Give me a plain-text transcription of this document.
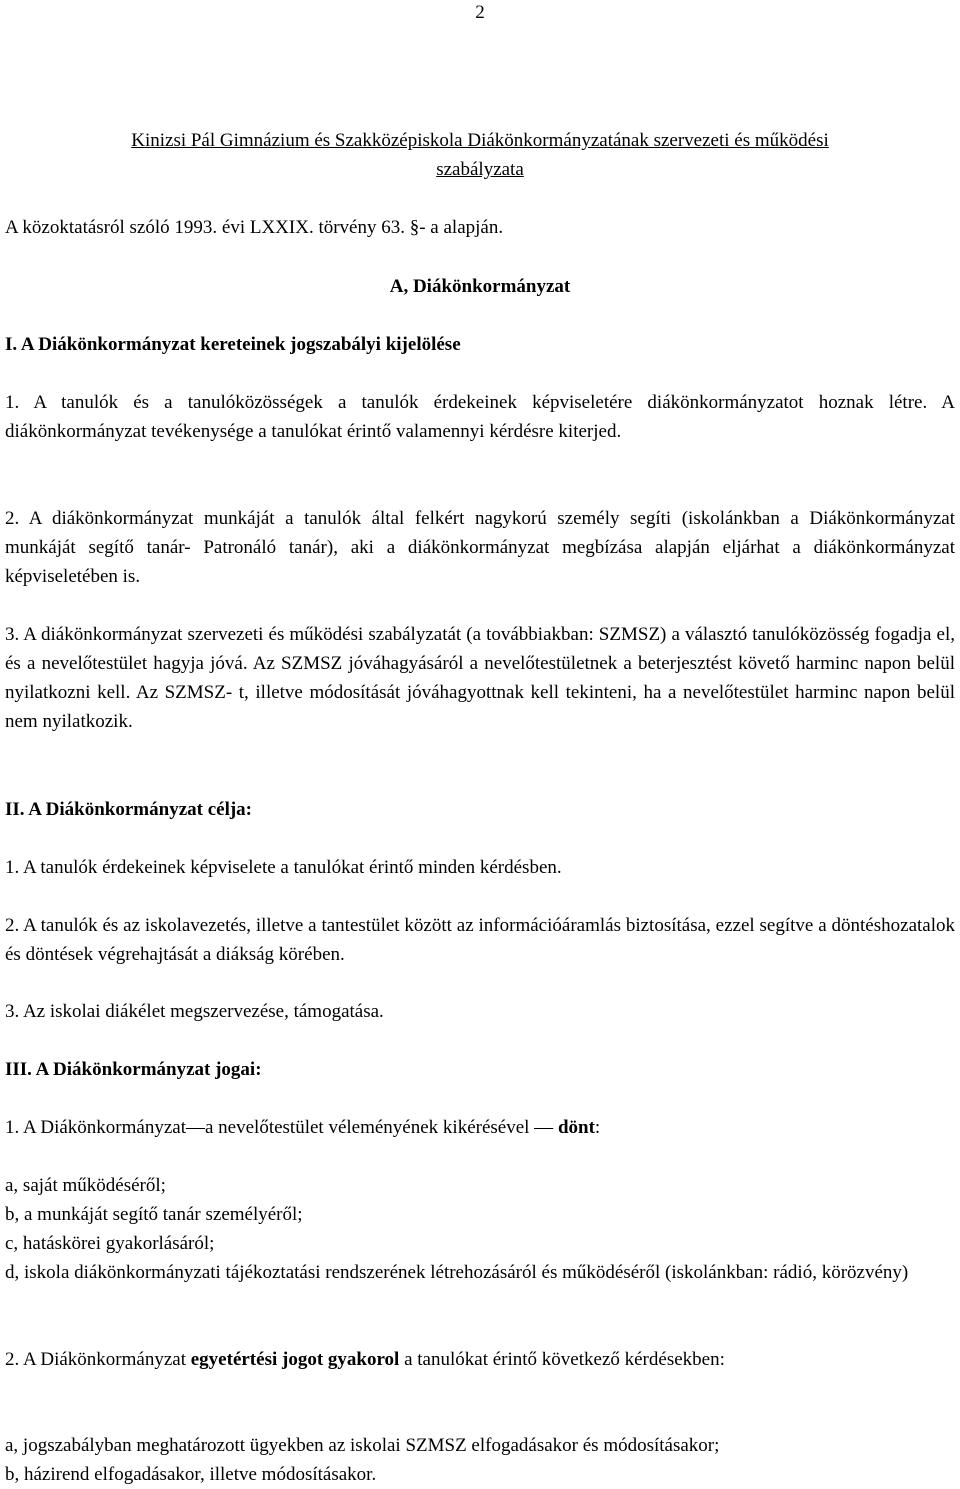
2
Kinizsi Pál Gimnázium és Szakközépiskola Diákönkormányzatának szervezeti és működési
szabályzata
A közoktatásról szóló 1993. évi LXXIX. törvény 63. §- a alapján.
A, Diákönkormányzat
I. A Diákönkormányzat kereteinek jogszabályi kijelölése
1. A tanulók és a tanulóközösségek a tanulók érdekeinek képviseletére diákönkormányzatot hoznak létre. A diákönkormányzat tevékenysége a tanulókat érintő valamennyi kérdésre kiterjed.
2. A diákönkormányzat munkáját a tanulók által felkért nagykorú személy segíti (iskolánkban a Diákönkormányzat munkáját segítő tanár- Patronáló tanár), aki a diákönkormányzat megbízása alapján eljárhat a diákönkormányzat képviseletében is.
3. A diákönkormányzat szervezeti és működési szabályzatát (a továbbiakban: SZMSZ) a választó tanulóközösség fogadja el, és a nevelőtestület hagyja jóvá. Az SZMSZ jóváhagyásáról a nevelőtestületnek a beterjesztést követő harminc napon belül nyilatkozni kell. Az SZMSZ- t, illetve módosítását jóváhagyottnak kell tekinteni, ha a nevelőtestület harminc napon belül nem nyilatkozik.
II. A Diákönkormányzat célja:
1. A tanulók érdekeinek képviselete a tanulókat érintő minden kérdésben.
2. A tanulók és az iskolavezetés, illetve a tantestület között az információáramlás biztosítása, ezzel segítve a döntéshozatalok és döntések végrehajtását a diákság körében.
3. Az iskolai diákélet megszervezése, támogatása.
III. A Diákönkormányzat jogai:
1. A Diákönkormányzat—a nevelőtestület véleményének kikérésével — dönt:
a, saját működéséről;
b, a munkáját segítő tanár személyéről;
c, hatáskörei gyakorlásáról;
d, iskola diákönkormányzati tájékoztatási rendszerének létrehozásáról és működéséről (iskolánkban: rádió, körözvény)
2. A Diákönkormányzat egyetértési jogot gyakorol a tanulókat érintő következő kérdésekben:
a, jogszabályban meghatározott ügyekben az iskolai SZMSZ elfogadásakor és módosításakor;
b, házirend elfogadásakor, illetve módosításakor.
